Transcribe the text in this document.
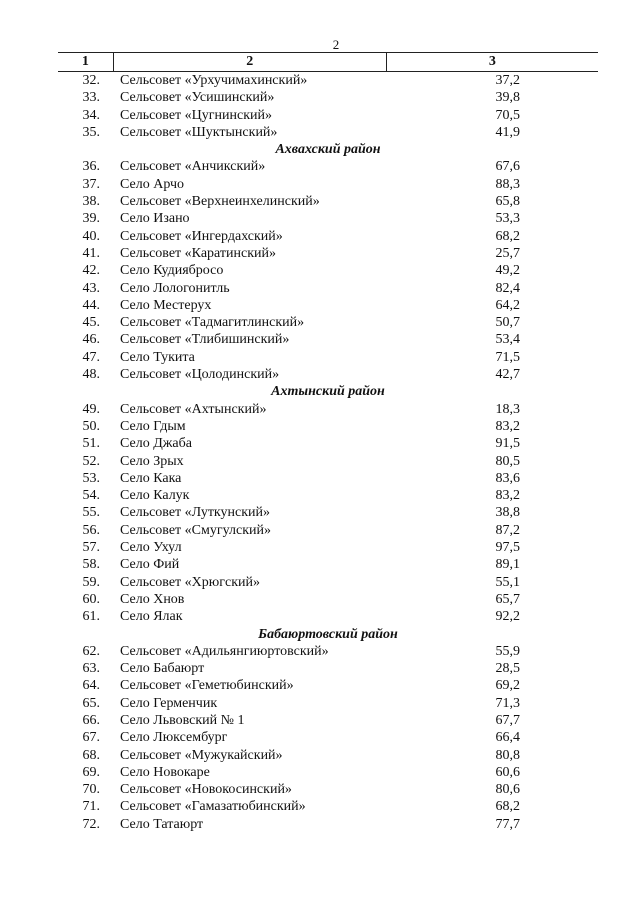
2
1	2	3
32.	Сельсовет «Урхучимахинский»	37,2
33.	Сельсовет «Усишинский»	39,8
34.	Сельсовет «Цугнинский»	70,5
35.	Сельсовет «Шуктынский»	41,9
Ахвахский район
36.	Сельсовет «Анчикский»	67,6
37.	Село Арчо	88,3
38.	Сельсовет «Верхнеинхелинский»	65,8
39.	Село Изано	53,3
40.	Сельсовет «Ингердахский»	68,2
41.	Сельсовет «Каратинский»	25,7
42.	Село Кудиябросо	49,2
43.	Село Лологонитль	82,4
44.	Село Местерух	64,2
45.	Сельсовет «Тадмагитлинский»	50,7
46.	Сельсовет «Тлибишинский»	53,4
47.	Село Тукита	71,5
48.	Сельсовет «Цолодинский»	42,7
Ахтынский район
49.	Сельсовет «Ахтынский»	18,3
50.	Село Гдым	83,2
51.	Село Джаба	91,5
52.	Село Зрых	80,5
53.	Село Кака	83,6
54.	Село Калук	83,2
55.	Сельсовет «Луткунский»	38,8
56.	Сельсовет «Смугулский»	87,2
57.	Село Ухул	97,5
58.	Село Фий	89,1
59.	Сельсовет «Хрюгский»	55,1
60.	Село Хнов	65,7
61.	Село Ялак	92,2
Бабаюртовский район
62.	Сельсовет «Адильянгиюртовский»	55,9
63.	Село Бабаюрт	28,5
64.	Сельсовет «Геметюбинский»	69,2
65.	Село Герменчик	71,3
66.	Село Львовский № 1	67,7
67.	Село Люксембург	66,4
68.	Сельсовет «Мужукайский»	80,8
69.	Село Новокаре	60,6
70.	Сельсовет «Новокосинский»	80,6
71.	Сельсовет «Гамазатюбинский»	68,2
72.	Село Татаюрт	77,7
